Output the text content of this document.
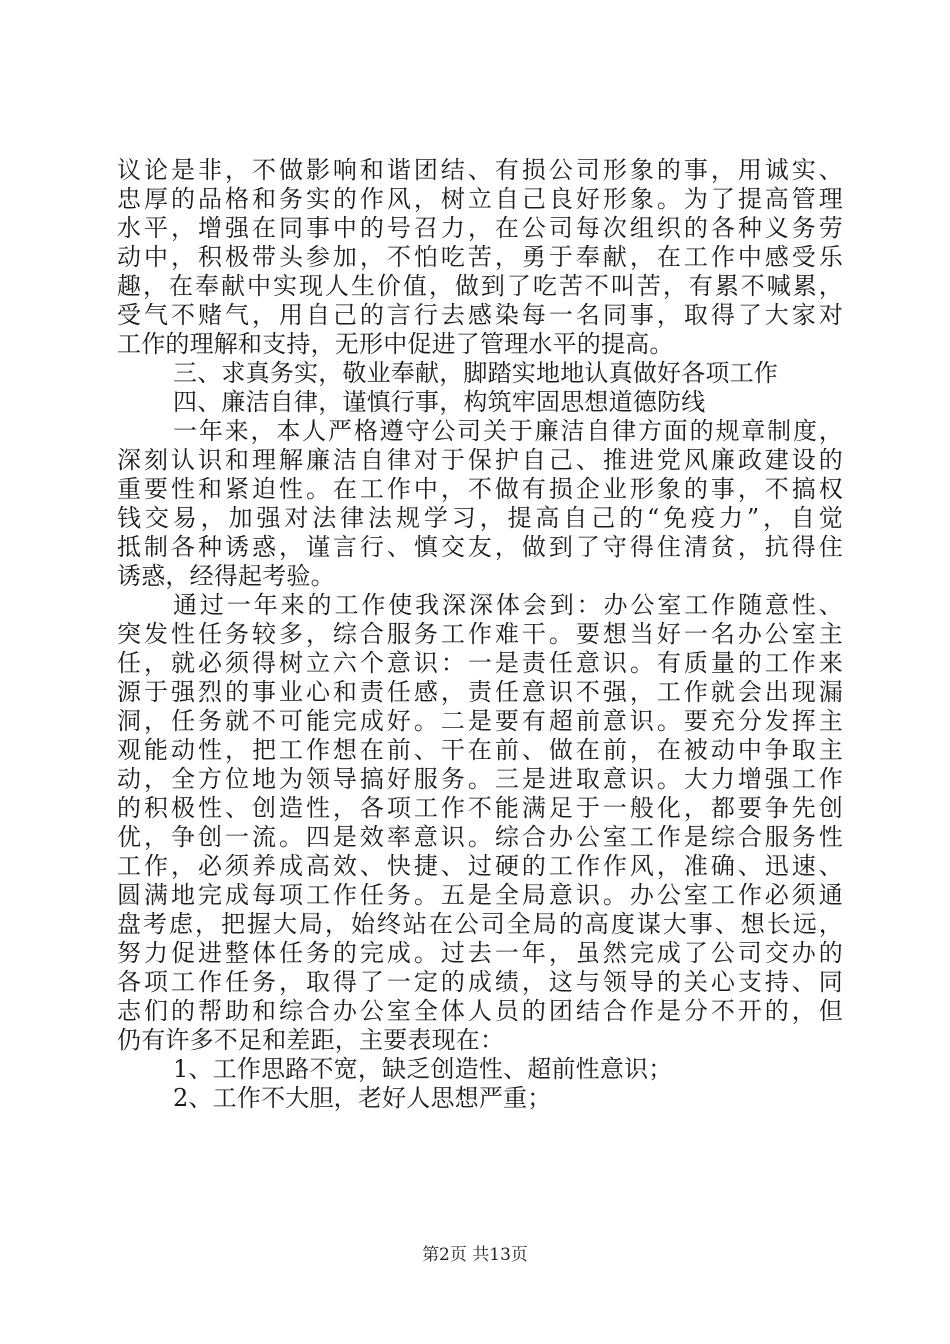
议论是非，不做影响和谐团结、有损公司形象的事，用诚实、
忠厚的品格和务实的作风，树立自己良好形象。为了提高管理
水平，增强在同事中的号召力，在公司每次组织的各种义务劳
动中，积极带头参加，不怕吃苦，勇于奉献，在工作中感受乐
趣，在奉献中实现人生价值，做到了吃苦不叫苦，有累不喊累，
受气不赌气，用自己的言行去感染每一名同事，取得了大家对
工作的理解和支持，无形中促进了管理水平的提高。
三、求真务实，敬业奉献，脚踏实地地认真做好各项工作
四、廉洁自律，谨慎行事，构筑牢固思想道德防线
一年来，本人严格遵守公司关于廉洁自律方面的规章制度，
深刻认识和理解廉洁自律对于保护自己、推进党风廉政建设的
重要性和紧迫性。在工作中，不做有损企业形象的事，不搞权
钱交易，加强对法律法规学习，提高自己的“免疫力”，自觉
抵制各种诱惑，谨言行、慎交友，做到了守得住清贫，抗得住
诱惑，经得起考验。
通过一年来的工作使我深深体会到：办公室工作随意性、
突发性任务较多，综合服务工作难干。要想当好一名办公室主
任，就必须得树立六个意识：一是责任意识。有质量的工作来
源于强烈的事业心和责任感，责任意识不强，工作就会出现漏
洞，任务就不可能完成好。二是要有超前意识。要充分发挥主
观能动性，把工作想在前、干在前、做在前，在被动中争取主
动，全方位地为领导搞好服务。三是进取意识。大力增强工作
的积极性、创造性，各项工作不能满足于一般化，都要争先创
优，争创一流。四是效率意识。综合办公室工作是综合服务性
工作，必须养成高效、快捷、过硬的工作作风，准确、迅速、
圆满地完成每项工作任务。五是全局意识。办公室工作必须通
盘考虑，把握大局，始终站在公司全局的高度谋大事、想长远，
努力促进整体任务的完成。过去一年，虽然完成了公司交办的
各项工作任务，取得了一定的成绩，这与领导的关心支持、同
志们的帮助和综合办公室全体人员的团结合作是分不开的，但
仍有许多不足和差距，主要表现在：
1、工作思路不宽，缺乏创造性、超前性意识；
2、工作不大胆，老好人思想严重；
第2页 共13页
